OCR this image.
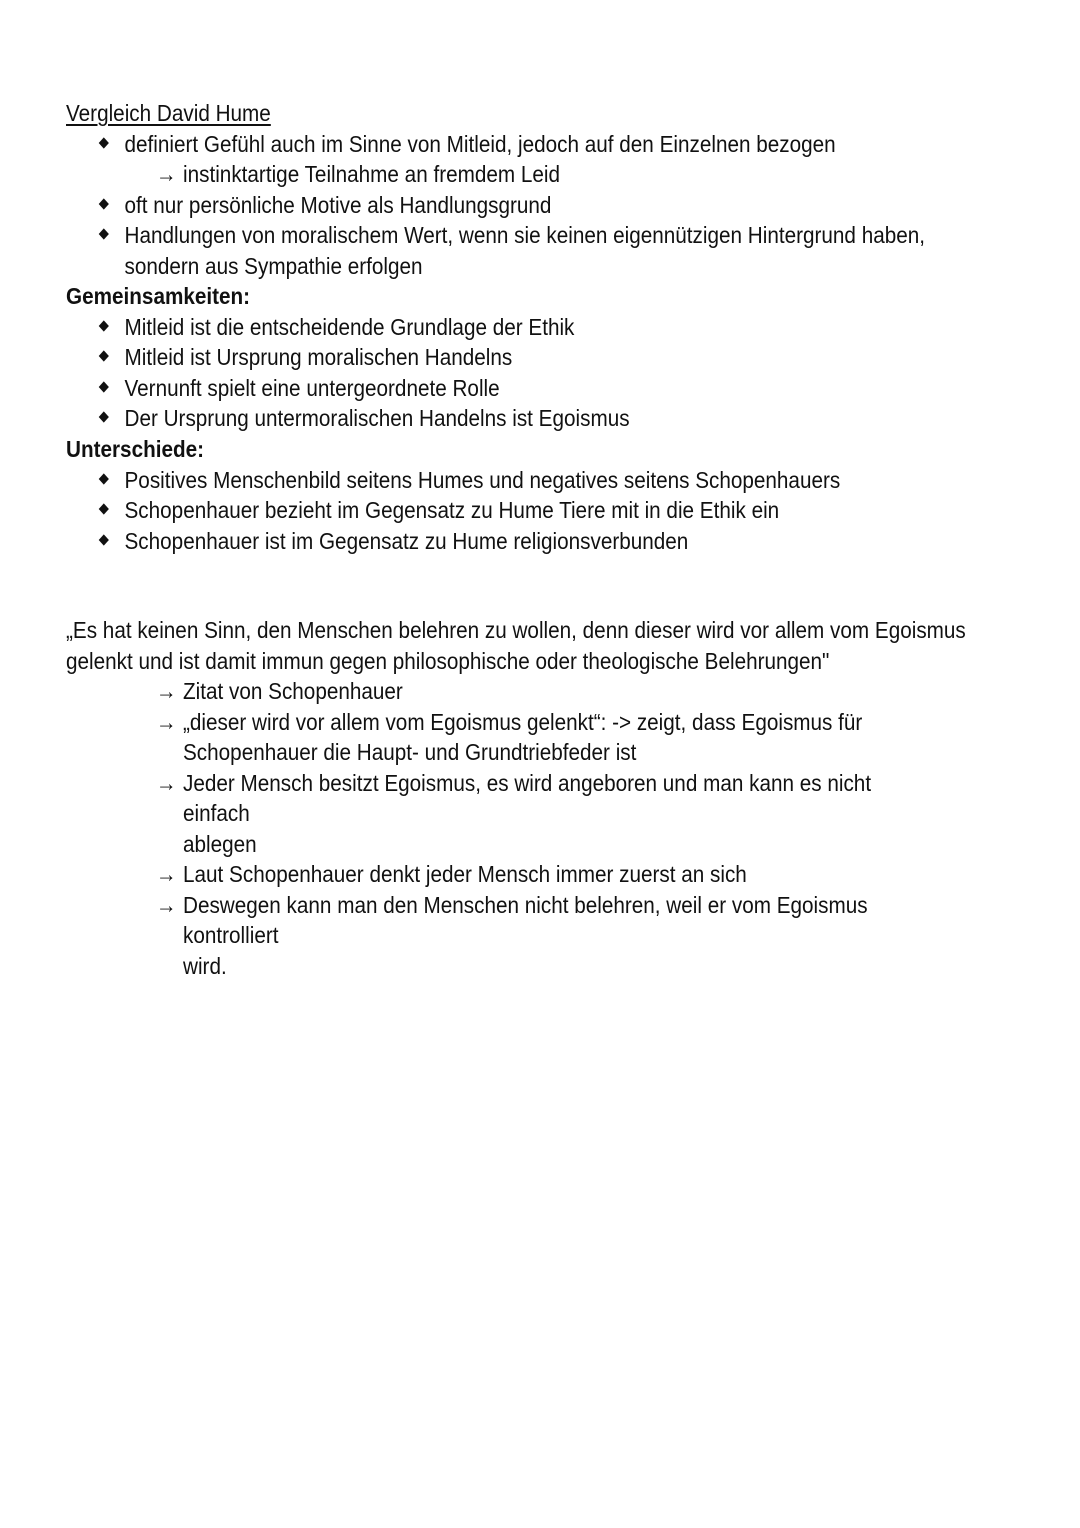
Vergleich David Hume
definiert Gefühl auch im Sinne von Mitleid, jedoch auf den Einzelnen bezogen
→ instinktartige Teilnahme an fremdem Leid
oft nur persönliche Motive als Handlungsgrund
Handlungen von moralischem Wert, wenn sie keinen eigennützigen Hintergrund haben,
sondern aus Sympathie erfolgen
Gemeinsamkeiten:
Mitleid ist die entscheidende Grundlage der Ethik
Mitleid ist Ursprung moralischen Handelns
Vernunft spielt eine untergeordnete Rolle
Der Ursprung untermoralischen Handelns ist Egoismus
Unterschiede:
Positives Menschenbild seitens Humes und negatives seitens Schopenhauers
Schopenhauer bezieht im Gegensatz zu Hume Tiere mit in die Ethik ein
Schopenhauer ist im Gegensatz zu Hume religionsverbunden
„Es hat keinen Sinn, den Menschen belehren zu wollen, denn dieser wird vor allem vom Egoismus
gelenkt und ist damit immun gegen philosophische oder theologische Belehrungen"
→ Zitat von Schopenhauer
→ „dieser wird vor allem vom Egoismus gelenkt“: -> zeigt, dass Egoismus für
Schopenhauer die Haupt- und Grundtriebfeder ist
→ Jeder Mensch besitzt Egoismus, es wird angeboren und man kann es nicht einfach
ablegen
→ Laut Schopenhauer denkt jeder Mensch immer zuerst an sich
→ Deswegen kann man den Menschen nicht belehren, weil er vom Egoismus kontrolliert
wird.
